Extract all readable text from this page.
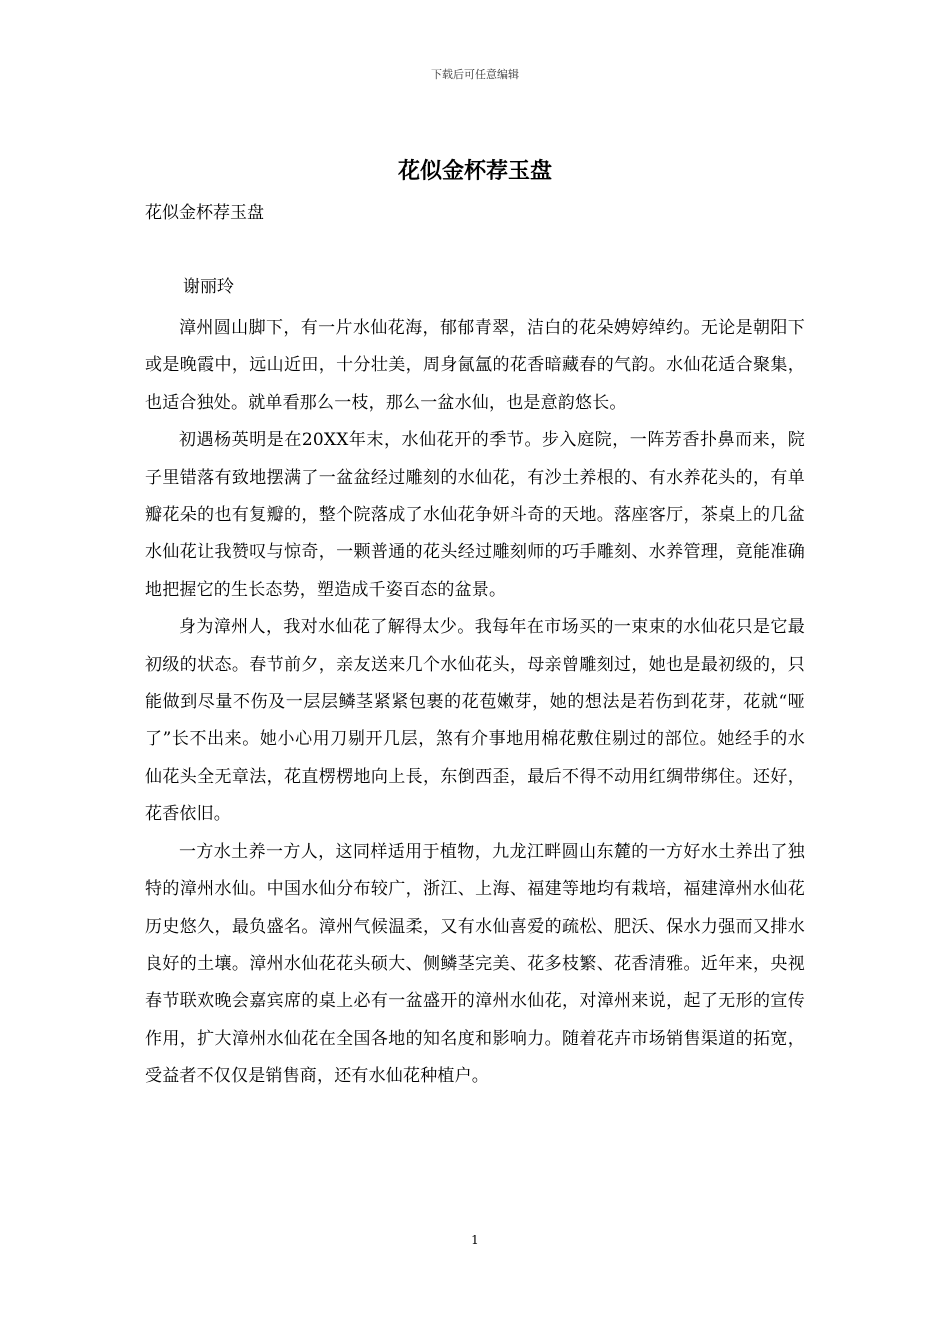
下载后可任意编辑
花似金杯荐玉盘

花似金杯荐玉盘

谢丽玲

漳州圆山脚下，有一片水仙花海，郁郁青翠，洁白的花朵娉婷绰约。无论是朝阳下或是晚霞中，远山近田，十分壮美，周身氤氲的花香暗藏春的气韵。水仙花适合聚集，也适合独处。就单看那么一枝，那么一盆水仙，也是意韵悠长。

初遇杨英明是在20XX年末，水仙花开的季节。步入庭院，一阵芳香扑鼻而来，院子里错落有致地摆满了一盆盆经过雕刻的水仙花，有沙土养根的、有水养花头的，有单瓣花朵的也有复瓣的，整个院落成了水仙花争妍斗奇的天地。落座客厅，茶桌上的几盆水仙花让我赞叹与惊奇，一颗普通的花头经过雕刻师的巧手雕刻、水养管理，竟能准确地把握它的生长态势，塑造成千姿百态的盆景。

身为漳州人，我对水仙花了解得太少。我每年在市场买的一束束的水仙花只是它最初级的状态。春节前夕，亲友送来几个水仙花头，母亲曾雕刻过，她也是最初级的，只能做到尽量不伤及一层层鳞茎紧紧包裹的花苞嫩芽，她的想法是若伤到花芽，花就“哑了”长不出来。她小心用刀剔开几层，煞有介事地用棉花敷住剔过的部位。她经手的水仙花头全无章法，花直楞楞地向上長，东倒西歪，最后不得不动用红绸带绑住。还好，花香依旧。

一方水土养一方人，这同样适用于植物，九龙江畔圆山东麓的一方好水土养出了独特的漳州水仙。中国水仙分布较广，浙江、上海、福建等地均有栽培，福建漳州水仙花历史悠久，最负盛名。漳州气候温柔，又有水仙喜爱的疏松、肥沃、保水力强而又排水良好的土壤。漳州水仙花花头硕大、侧鳞茎完美、花多枝繁、花香清雅。近年来，央视春节联欢晚会嘉宾席的桌上必有一盆盛开的漳州水仙花，对漳州来说，起了无形的宣传作用，扩大漳州水仙花在全国各地的知名度和影响力。随着花卉市场销售渠道的拓宽，受益者不仅仅是销售商，还有水仙花种植户。

1
